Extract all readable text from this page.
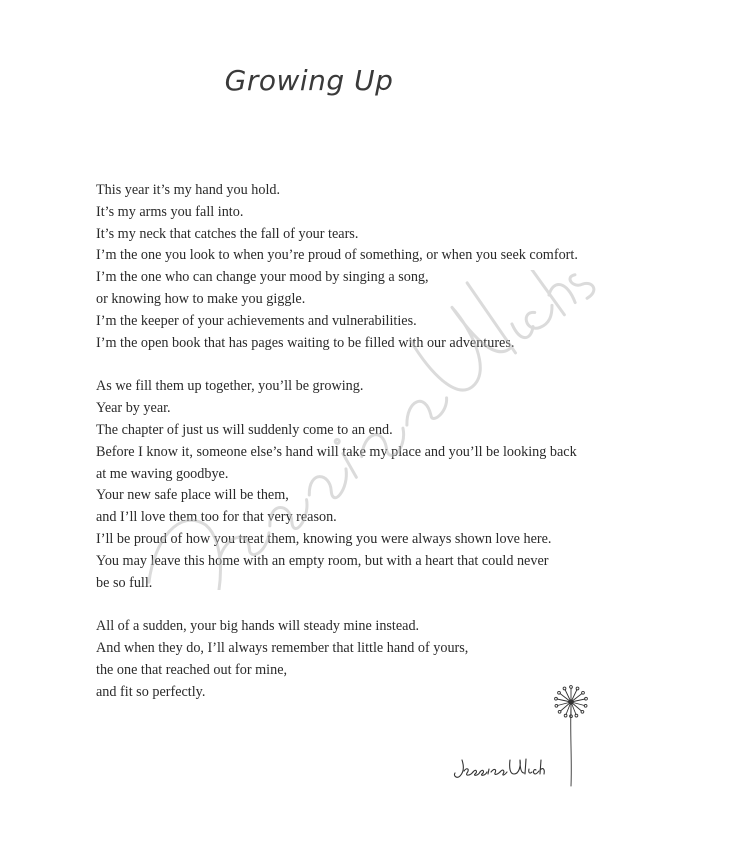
Growing Up
This year it’s my hand you hold.
It’s my arms you fall into.
It’s my neck that catches the fall of your tears.
I’m the one you look to when you’re proud of something, or when you seek comfort.
I’m the one who can change your mood by singing a song,
or knowing how to make you giggle.
I’m the keeper of your achievements and vulnerabilities.
I’m the open book that has pages waiting to be filled with our adventures.
As we fill them up together, you’ll be growing.
Year by year.
The chapter of just us will suddenly come to an end.
Before I know it, someone else’s hand will take my place and you’ll be looking back
at me waving goodbye.
Your new safe place will be them,
and I’ll love them too for that very reason.
I’ll be proud of how you treat them, knowing you were always shown love here.
You may leave this home with an empty room, but with a heart that could never
be so full.
All of a sudden, your big hands will steady mine instead.
And when they do, I’ll always remember that little hand of yours,
the one that reached out for mine,
and fit so perfectly.
